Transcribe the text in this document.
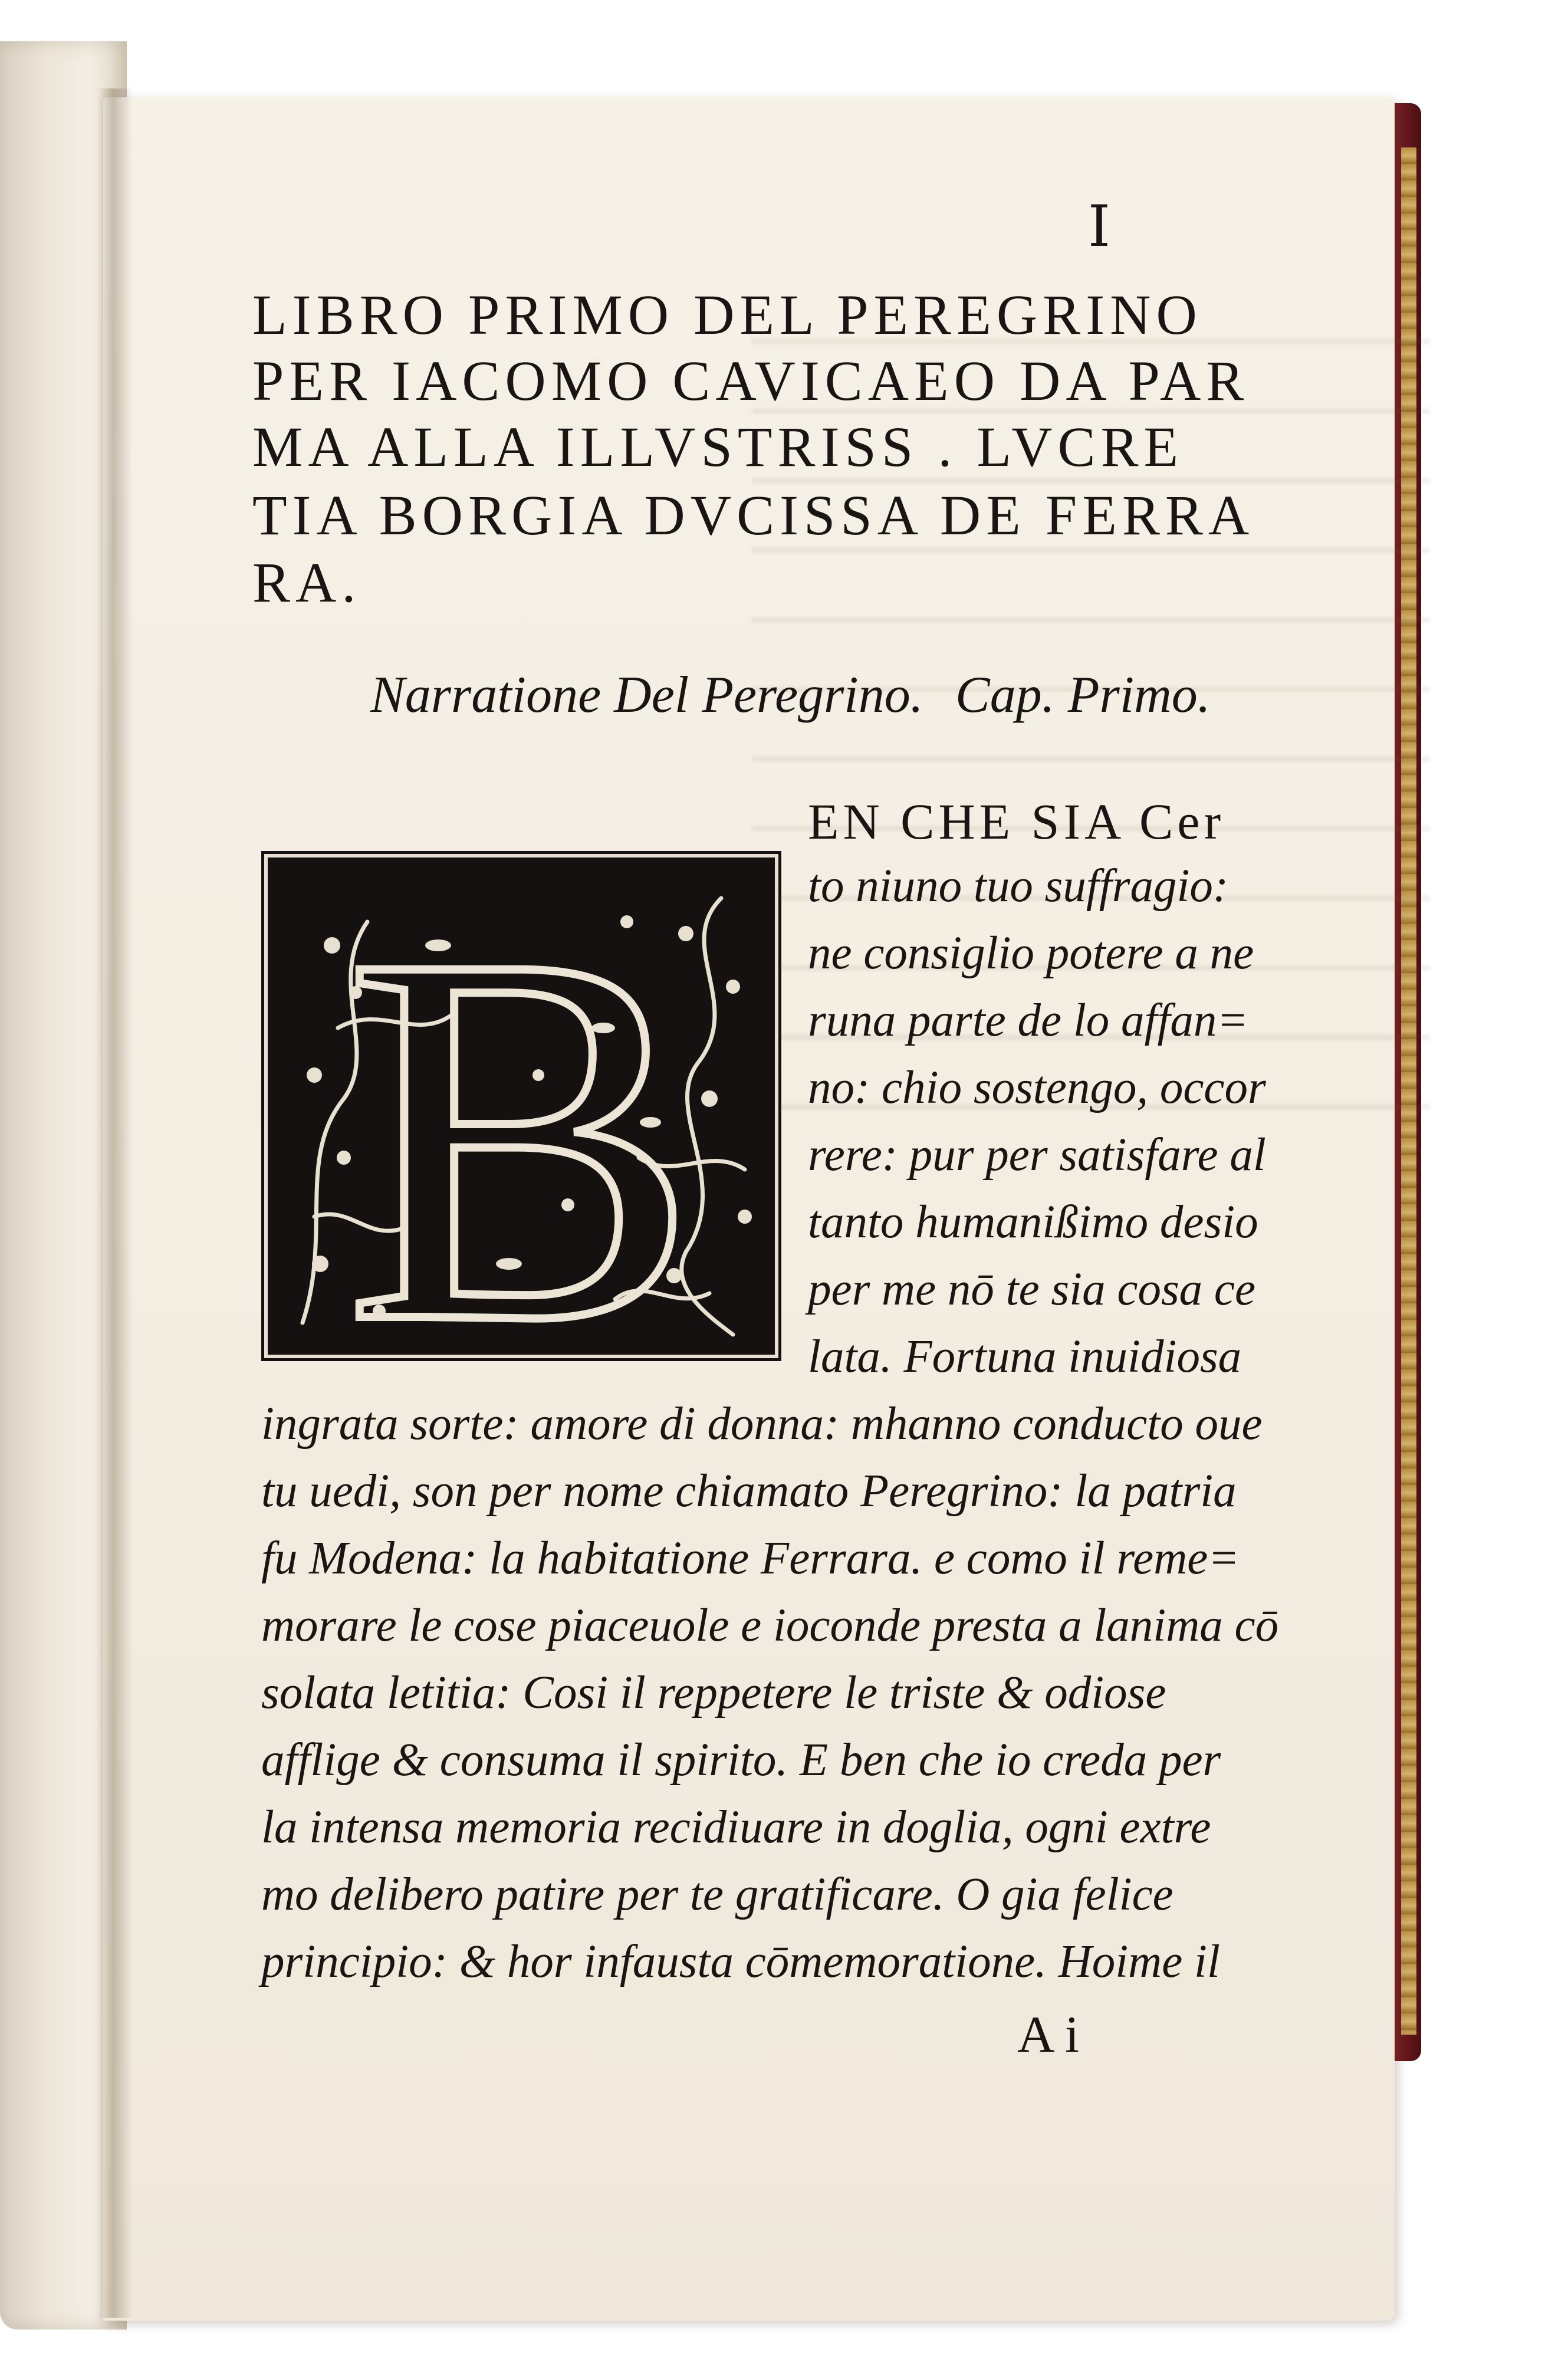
I
LIBRO PRIMO DEL PEREGRINO
PER IACOMO CAVICAEO DA PAR
MA ALLA ILLVSTRISS . LVCRE
TIA BORGIA DVCISSA DE FERRA
RA.
Narratione Del Peregrino. Cap. Primo.
EN CHE SIA Cer
B to niuno tuo suffragio:
ne consiglio potere a ne
runa parte de lo affan=
no: chio sostengo, occor
rere: pur per satisfare al
tanto humanißimo desio
per me nō te sia cosa ce
lata. Fortuna inuidiosa
ingrata sorte: amore di donna: mhanno conducto oue
tu uedi, son per nome chiamato Peregrino: la patria
fu Modena: la habitatione Ferrara. e como il reme=
morare le cose piaceuole e ioconde presta a lanima cō
solata letitia: Cosi il reppetere le triste & odiose
afflige & consuma il spirito. E ben che io creda per
la intensa memoria recidiuare in doglia, ogni extre
mo delibero patire per te gratificare. O gia felice
principio: & hor infausta cōmemoratione. Hoime il
A i
